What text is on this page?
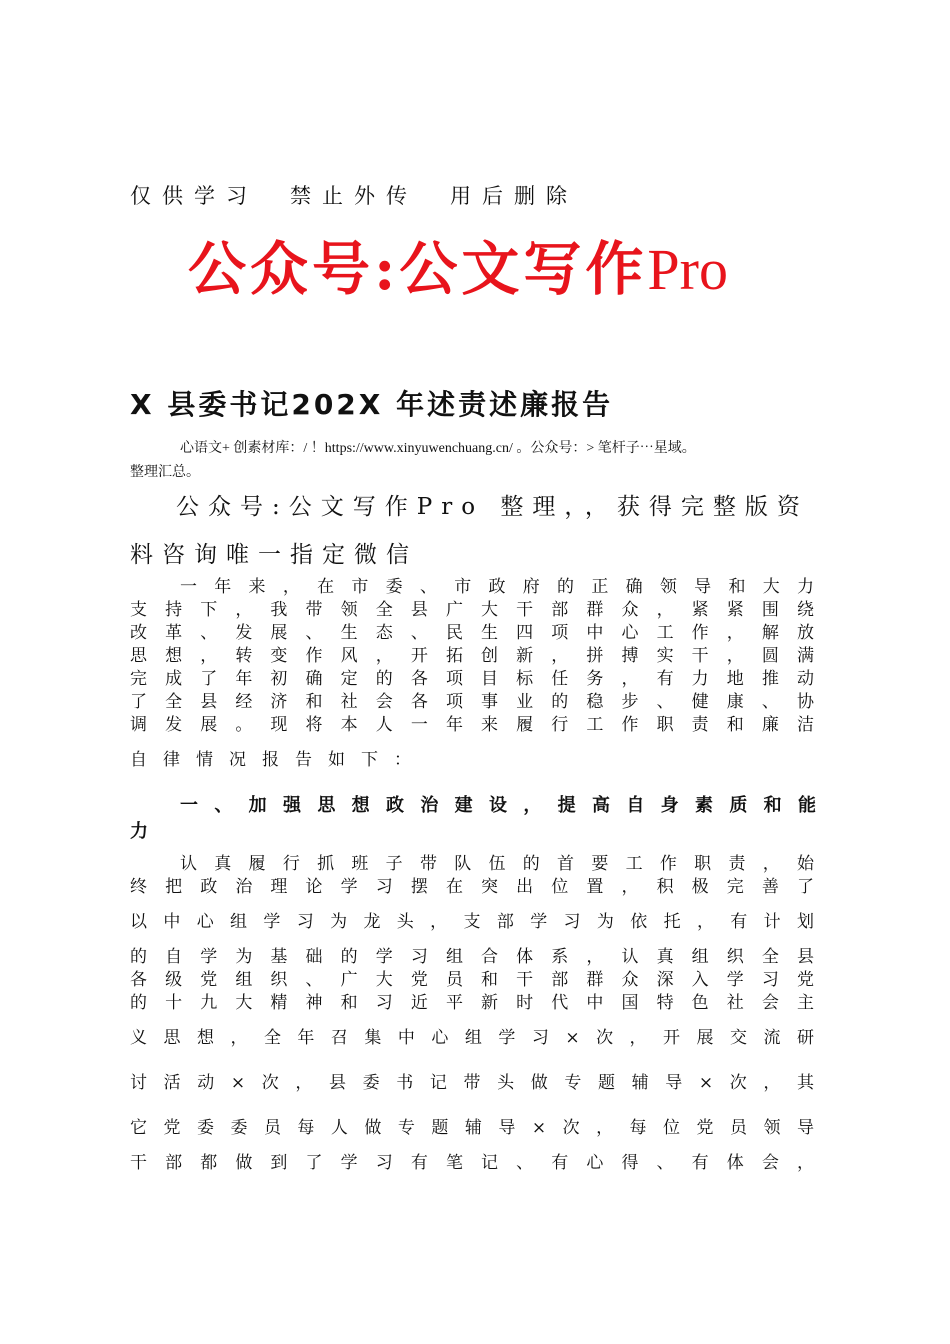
仅供学习　禁止外传　用后删除
公众号:公文写作Pro
X 县委书记202X 年述责述廉报告
心语文+ 创素材库：/ ！https://www.xinyuwenchuang.cn/ 。公众号：> 笔杆子⋯星域。
整理汇总。
公众号:公文写作Pro 整理，，获得完整版资
料咨询唯一指定微信
一年来，在市委、市政府的正确领导和大力
支持下，我带领全县广大干部群众，紧紧围绕
改革、发展、生态、民生四项中心工作，解放
思想，转变作风，开拓创新，拼搏实干，圆满
完成了年初确定的各项目标任务，有力地推动
了全县经济和社会各项事业的稳步、健康、协
调发展。现将本人一年来履行工作职责和廉洁
自律情况报告如下：
一、加强思想政治建设，提高自身素质和能
力
认真履行抓班子带队伍的首要工作职责，始
终把政治理论学习摆在突出位置，积极完善了
以中心组学习为龙头，支部学习为依托，有计划
的自学为基础的学习组合体系，认真组织全县
各级党组织、广大党员和干部群众深入学习党
的十九大精神和习近平新时代中国特色社会主
义思想，全年召集中心组学习×次，开展交流研
讨活动×次，县委书记带头做专题辅导×次，其
它党委委员每人做专题辅导×次，每位党员领导
干部都做到了学习有笔记、有心得、有体会，
